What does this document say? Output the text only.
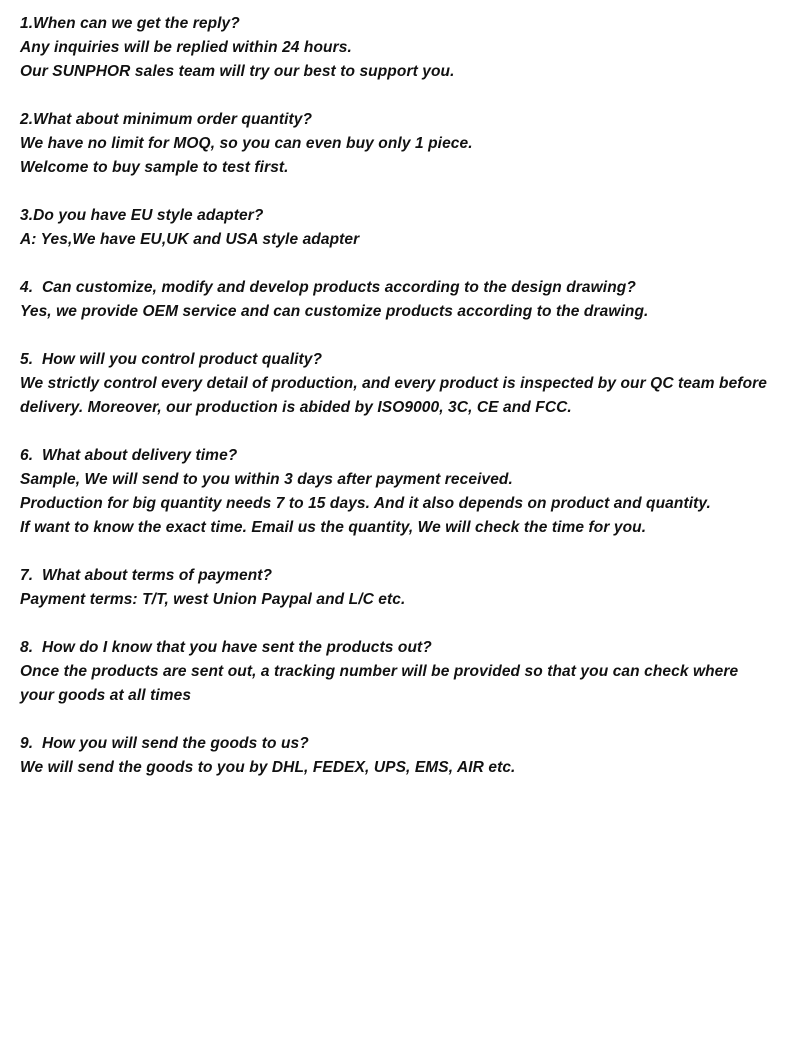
1.When can we get the reply?

Any inquiries will be replied within 24 hours.

Our SUNPHOR sales team will try our best to support you.

2.What about minimum order quantity?

We have no limit for MOQ, so you can even buy only 1 piece.

Welcome to buy sample to test first.

3.Do you have EU style adapter?

A: Yes,We have EU,UK and USA style adapter

4.  Can customize, modify and develop products according to the design drawing?

Yes, we provide OEM service and can customize products according to the drawing.

5.  How will you control product quality?

We strictly control every detail of production, and every product is inspected by our QC team before delivery. Moreover, our production is abided by ISO9000, 3C, CE and FCC.

6.  What about delivery time?

Sample, We will send to you within 3 days after payment received.

Production for big quantity needs 7 to 15 days. And it also depends on product and quantity.

If want to know the exact time. Email us the quantity, We will check the time for you.

7.  What about terms of payment?

Payment terms: T/T, west Union Paypal and L/C etc.

8.  How do I know that you have sent the products out?

Once the products are sent out, a tracking number will be provided so that you can check where your goods at all times

9.  How you will send the goods to us?

We will send the goods to you by DHL, FEDEX, UPS, EMS, AIR etc.
